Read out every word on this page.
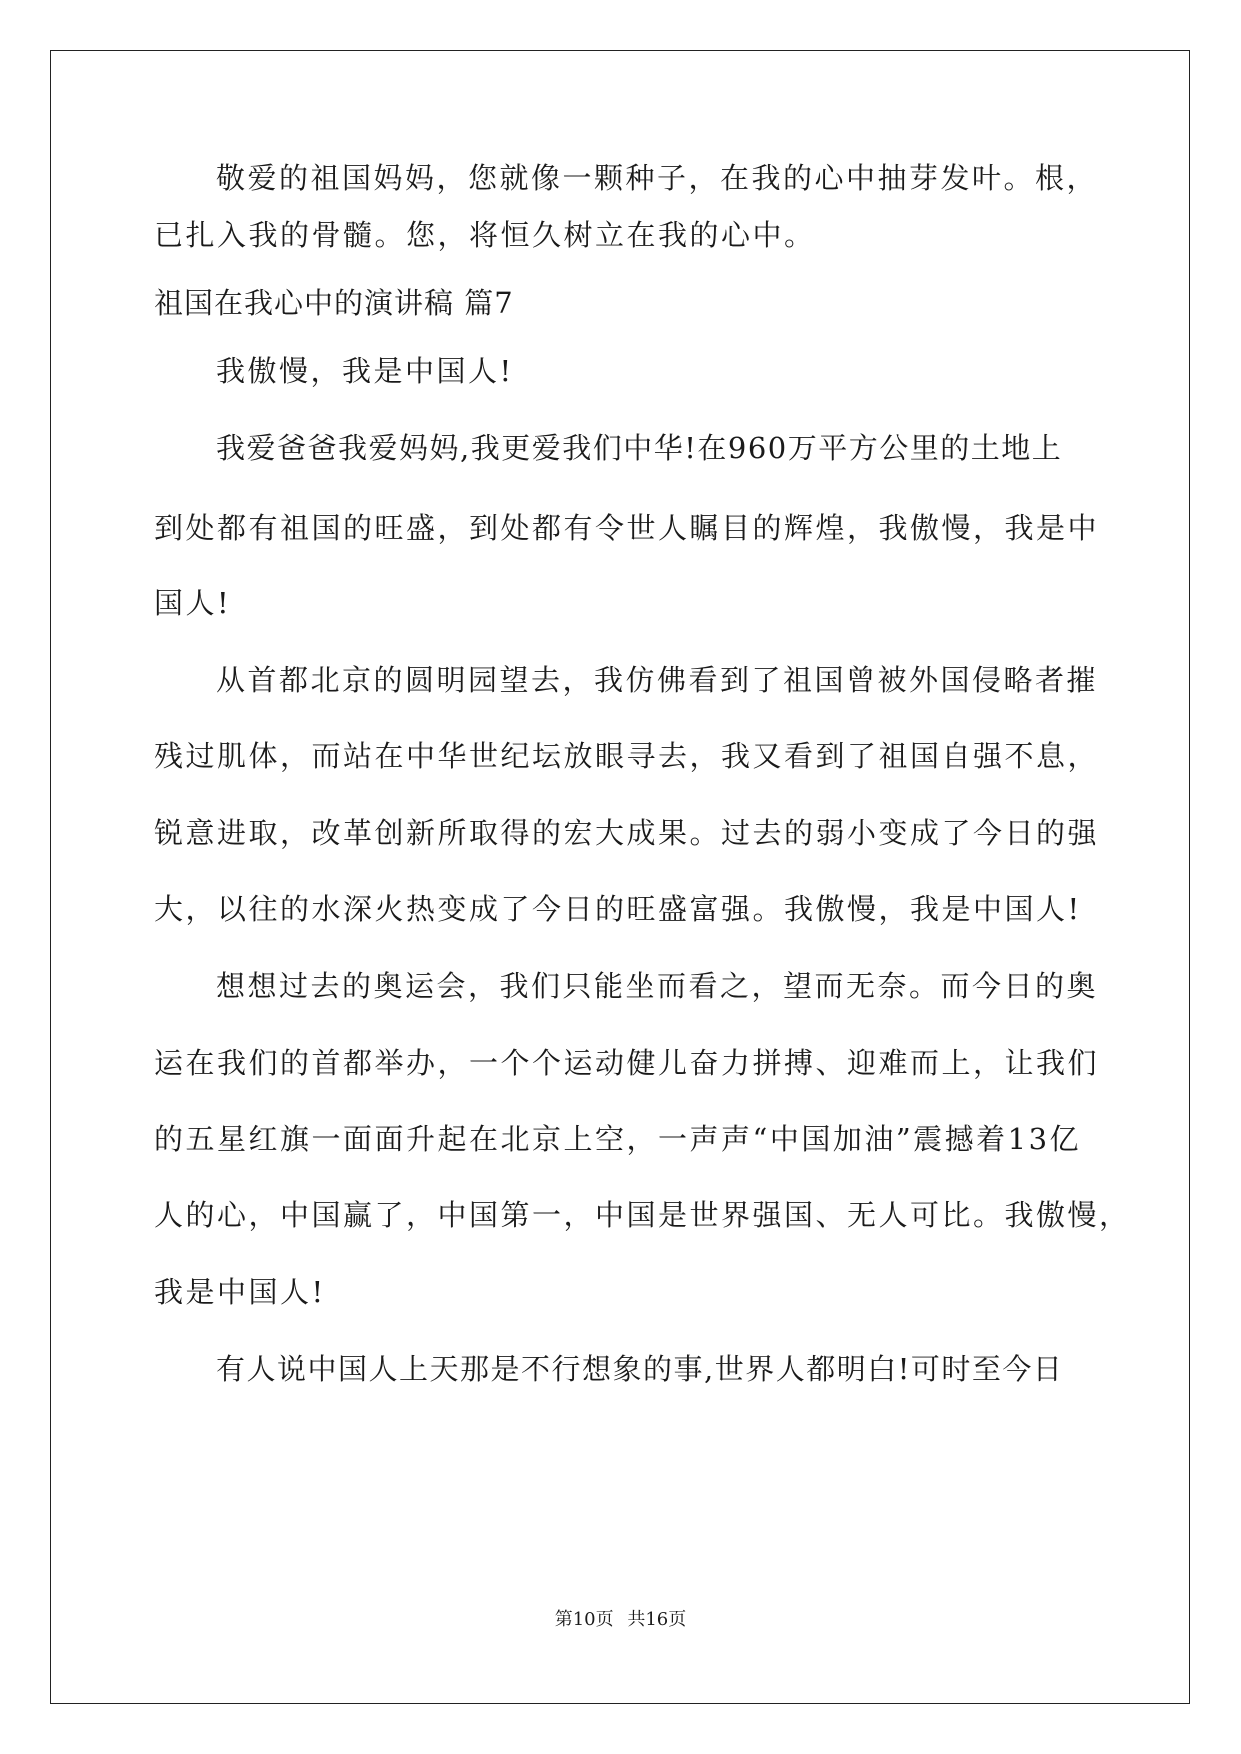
敬爱的祖国妈妈，您就像一颗种子，在我的心中抽芽发叶。根，
已扎入我的骨髓。您，将恒久树立在我的心中。
祖国在我心中的演讲稿 篇7
我傲慢，我是中国人!
我爱爸爸我爱妈妈,我更爱我们中华!在960万平方公里的土地上
到处都有祖国的旺盛，到处都有令世人瞩目的辉煌，我傲慢，我是中
国人!
从首都北京的圆明园望去，我仿佛看到了祖国曾被外国侵略者摧
残过肌体，而站在中华世纪坛放眼寻去，我又看到了祖国自强不息，
锐意进取，改革创新所取得的宏大成果。过去的弱小变成了今日的强
大，以往的水深火热变成了今日的旺盛富强。我傲慢，我是中国人!
想想过去的奥运会，我们只能坐而看之，望而无奈。而今日的奥
运在我们的首都举办，一个个运动健儿奋力拼搏、迎难而上，让我们
的五星红旗一面面升起在北京上空，一声声“中国加油”震撼着13亿
人的心，中国赢了，中国第一，中国是世界强国、无人可比。我傲慢，
我是中国人!
有人说中国人上天那是不行想象的事,世界人都明白!可时至今日
第10页 共16页
